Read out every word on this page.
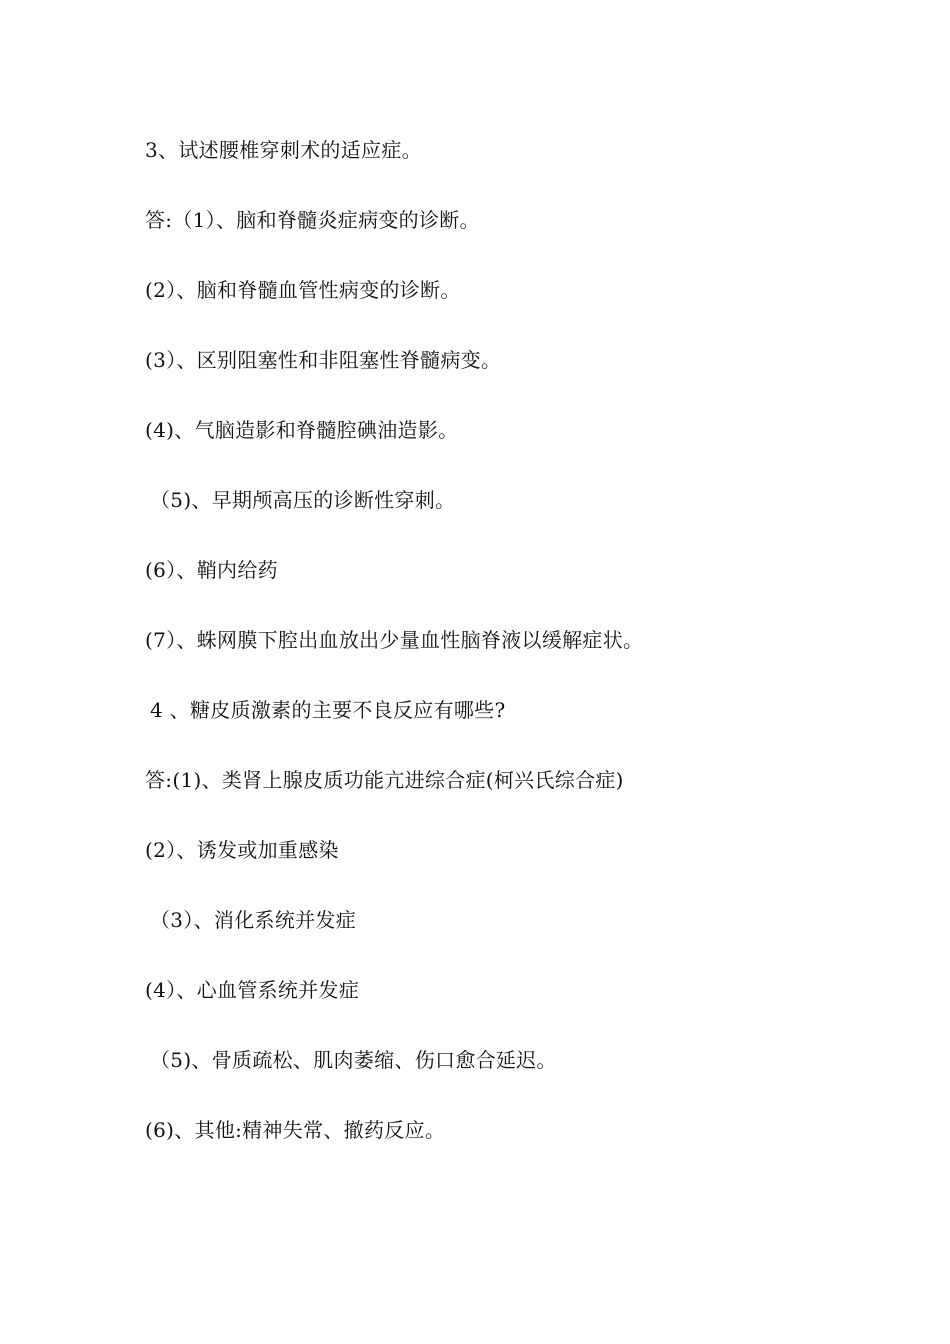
3、试述腰椎穿刺术的适应症。
答:（1）、脑和脊髓炎症病变的诊断。
(2）、脑和脊髓血管性病变的诊断。
(3）、区别阻塞性和非阻塞性脊髓病变。
(4)、气脑造影和脊髓腔碘油造影。
（5)、早期颅高压的诊断性穿刺。
(6）、鞘内给药
(7）、蛛网膜下腔出血放出少量血性脑脊液以缓解症状。
4 、糖皮质激素的主要不良反应有哪些?
答:(1)、类肾上腺皮质功能亢进综合症(柯兴氏综合症)
(2）、诱发或加重感染
（3）、消化系统并发症
(4）、心血管系统并发症
（5)、骨质疏松、肌肉萎缩、伤口愈合延迟。
(6)、其他:精神失常、撤药反应。
